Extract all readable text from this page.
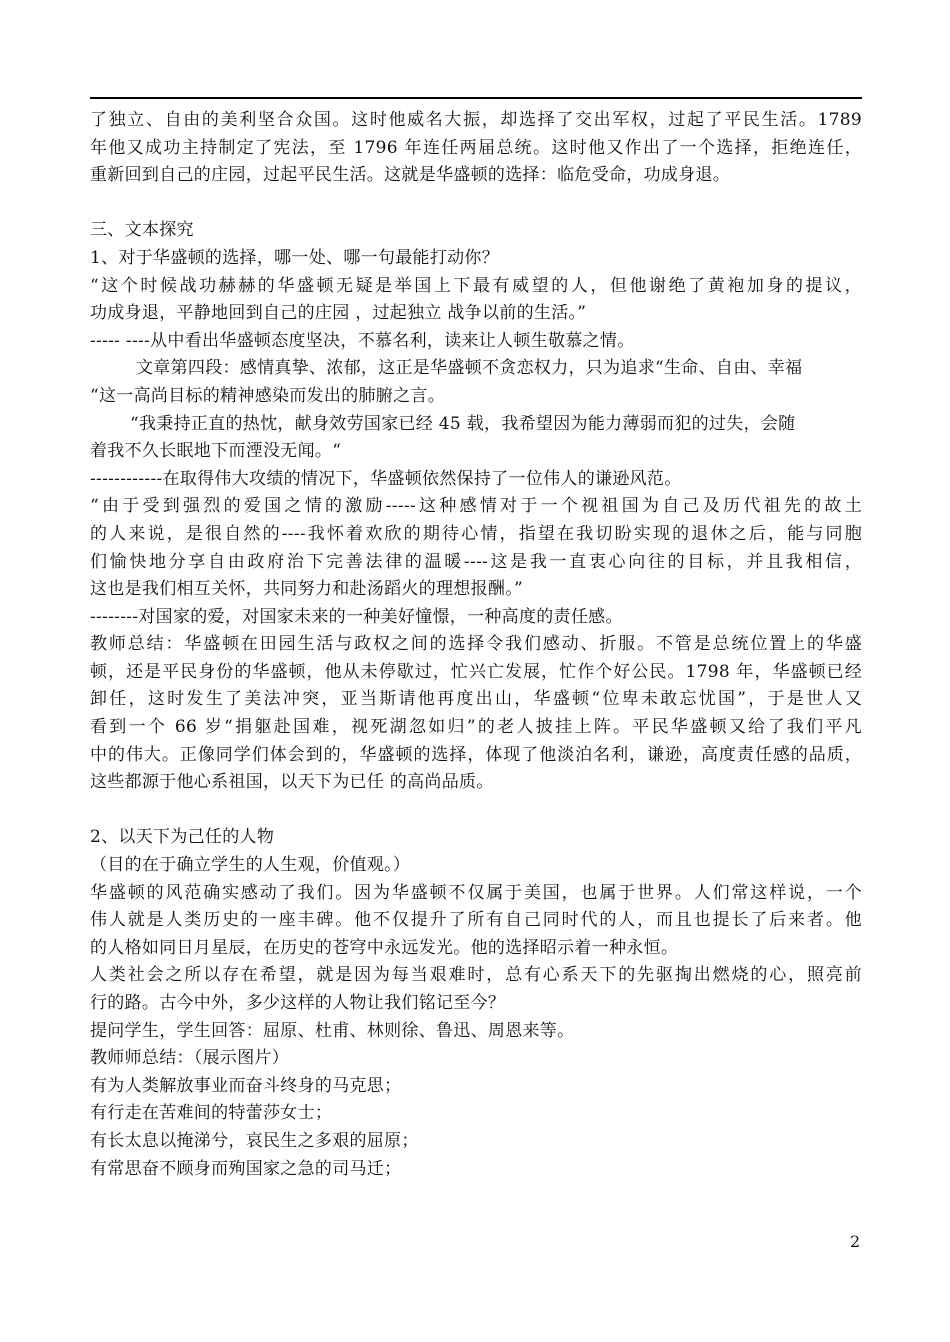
了独立、自由的美利坚合众国。这时他威名大振，却选择了交出军权，过起了平民生活。1789
年他又成功主持制定了宪法，至 1796 年连任两届总统。这时他又作出了一个选择，拒绝连任，
重新回到自己的庄园，过起平民生活。这就是华盛顿的选择：临危受命，功成身退。
三、文本探究
1、对于华盛顿的选择，哪一处、哪一句最能打动你？
“这个时候战功赫赫的华盛顿无疑是举国上下最有威望的人，但他谢绝了黄袍加身的提议，
功成身退，平静地回到自己的庄园 ，过起独立 战争以前的生活。”
----- ----从中看出华盛顿态度坚决，不慕名利，读来让人顿生敬慕之情。
文章第四段：感情真挚、浓郁，这正是华盛顿不贪恋权力，只为追求“生命、自由、幸福
“这一高尚目标的精神感染而发出的肺腑之言。
“我秉持正直的热忱，献身效劳国家已经 45 载，我希望因为能力薄弱而犯的过失，会随
着我不久长眠地下而湮没无闻。“
------------在取得伟大攻绩的情况下，华盛顿依然保持了一位伟人的谦逊风范。
“由于受到强烈的爱国之情的激励-----这种感情对于一个视祖国为自己及历代祖先的故土
的人来说，是很自然的----我怀着欢欣的期待心情，指望在我切盼实现的退休之后，能与同胞
们愉快地分享自由政府治下完善法律的温暖----这是我一直衷心向往的目标，并且我相信，
这也是我们相互关怀，共同努力和赴汤蹈火的理想报酬。”
--------对国家的爱，对国家未来的一种美好憧憬，一种高度的责任感。
教师总结：华盛顿在田园生活与政权之间的选择令我们感动、折服。不管是总统位置上的华盛
顿，还是平民身份的华盛顿，他从未停歇过，忙兴亡发展，忙作个好公民。1798 年，华盛顿已经
卸任，这时发生了美法冲突，亚当斯请他再度出山，华盛顿“位卑未敢忘忧国”，于是世人又
看到一个 66 岁“捐躯赴国难，视死湖忽如归”的老人披挂上阵。平民华盛顿又给了我们平凡
中的伟大。正像同学们体会到的，华盛顿的选择，体现了他淡泊名利，谦逊，高度责任感的品质，
这些都源于他心系祖国，以天下为已任 的高尚品质。
2、以天下为己任的人物
（目的在于确立学生的人生观，价值观。）
华盛顿的风范确实感动了我们。因为华盛顿不仅属于美国，也属于世界。人们常这样说，一个
伟人就是人类历史的一座丰碑。他不仅提升了所有自己同时代的人，而且也提长了后来者。他
的人格如同日月星辰，在历史的苍穹中永远发光。他的选择昭示着一种永恒。
人类社会之所以存在希望，就是因为每当艰难时，总有心系天下的先驱掏出燃烧的心，照亮前
行的路。古今中外，多少这样的人物让我们铭记至今？
提问学生，学生回答：屈原、杜甫、林则徐、鲁迅、周恩来等。
教师师总结：（展示图片）
有为人类解放事业而奋斗终身的马克思；
有行走在苦难间的特蕾莎女士；
有长太息以掩涕兮，哀民生之多艰的屈原；
有常思奋不顾身而殉国家之急的司马迁；
2
